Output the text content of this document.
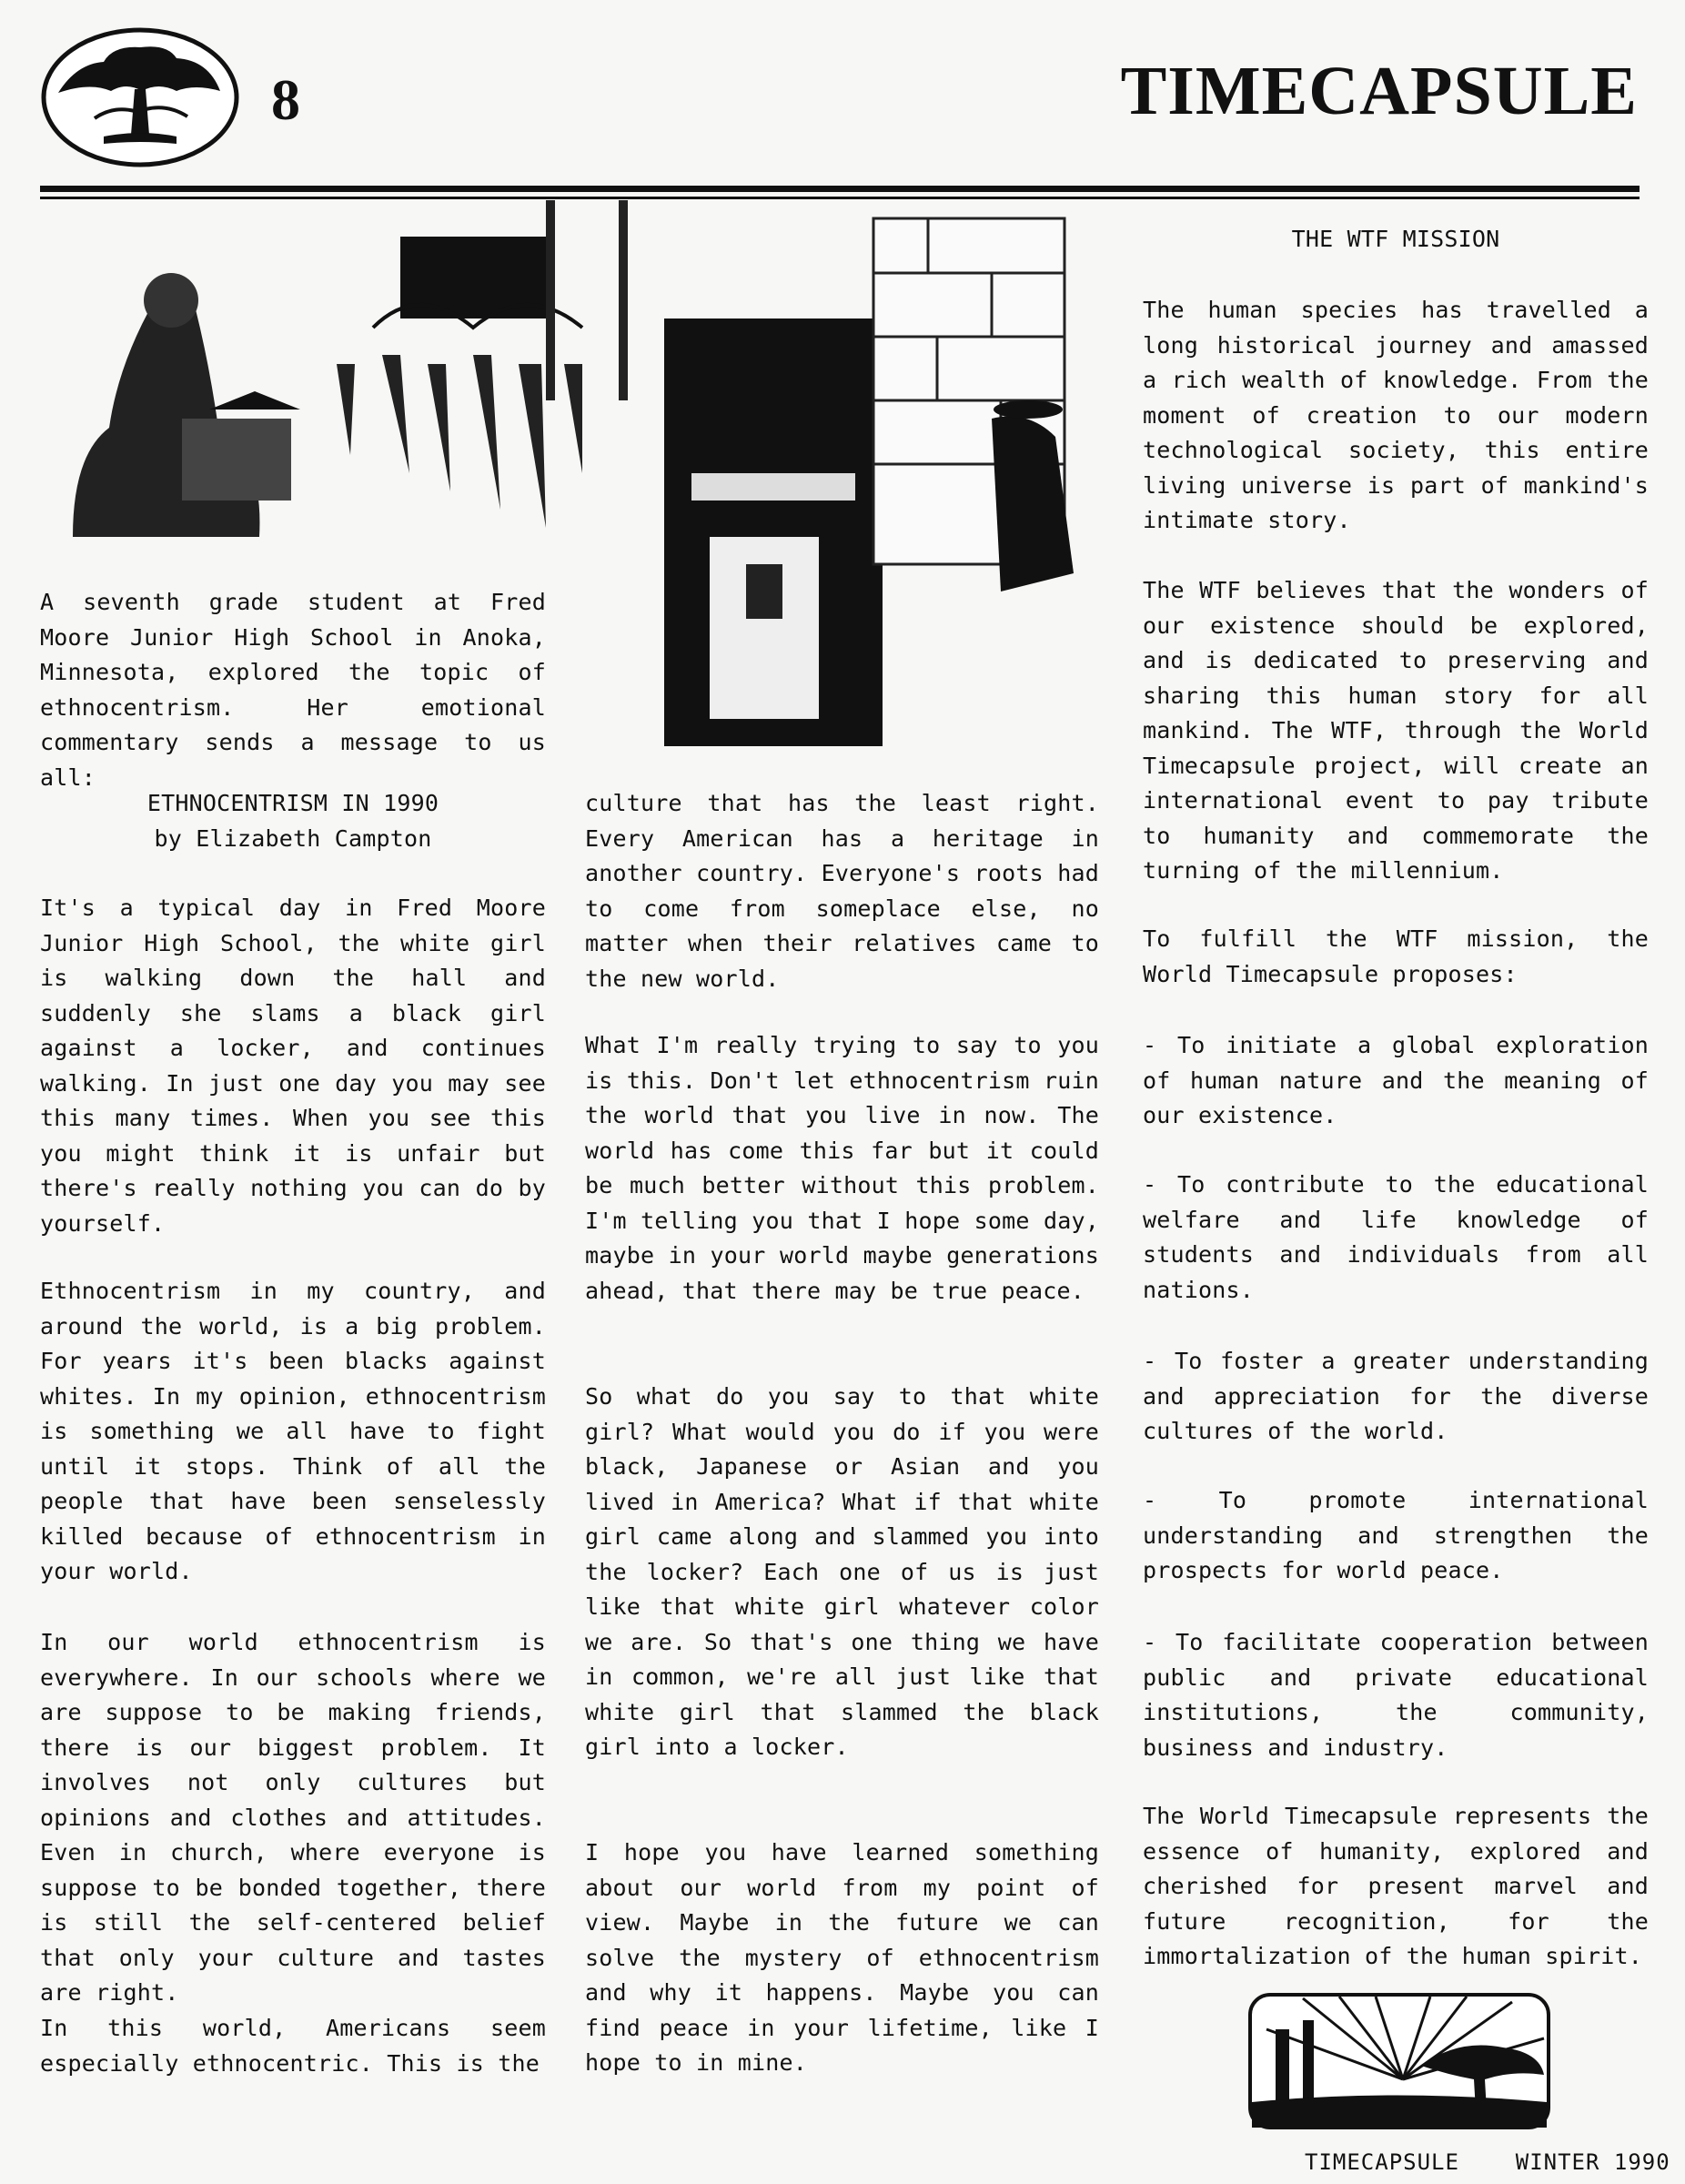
8	TIMECAPSULE

A seventh grade student at Fred Moore Junior High School in Anoka, Minnesota, explored the topic of ethnocentrism. Her emotional commentary sends a message to us all:

ETHNOCENTRISM IN 1990

by Elizabeth Campton

It's a typical day in Fred Moore Junior High School, the white girl is walking down the hall and suddenly she slams a black girl against a locker, and continues walking. In just one day you may see this many times. When you see this you might think it is unfair but there's really nothing you can do by yourself.

Ethnocentrism in my country, and around the world, is a big problem. For years it's been blacks against whites. In my opinion, ethnocentrism is something we all have to fight until it stops. Think of all the people that have been senselessly killed because of ethnocentrism in your world.

In our world ethnocentrism is everywhere. In our schools where we are suppose to be making friends, there is our biggest problem. It involves not only cultures but opinions and clothes and attitudes. Even in church, where everyone is suppose to be bonded together, there is still the self-centered belief that only your culture and tastes are right.

In this world, Americans seem especially ethnocentric. This is the

culture that has the least right. Every American has a heritage in another country. Everyone's roots had to come from someplace else, no matter when their relatives came to the new world.

What I'm really trying to say to you is this. Don't let ethnocentrism ruin the world that you live in now. The world has come this far but it could be much better without this problem. I'm telling you that I hope some day, maybe in your world maybe generations ahead, that there may be true peace.

So what do you say to that white girl? What would you do if you were black, Japanese or Asian and you lived in America? What if that white girl came along and slammed you into the locker? Each one of us is just like that white girl whatever color we are. So that's one thing we have in common, we're all just like that white girl that slammed the black girl into a locker.

I hope you have learned something about our world from my point of view. Maybe in the future we can solve the mystery of ethnocentrism and why it happens. Maybe you can find peace in your lifetime, like I hope to in mine.

THE WTF MISSION

The human species has travelled a long historical journey and amassed a rich wealth of knowledge. From the moment of creation to our modern technological society, this entire living universe is part of mankind's intimate story.

The WTF believes that the wonders of our existence should be explored, and is dedicated to preserving and sharing this human story for all mankind. The WTF, through the World Timecapsule project, will create an international event to pay tribute to humanity and commemorate the turning of the millennium.

To fulfill the WTF mission, the World Timecapsule proposes:

- To initiate a global exploration of human nature and the meaning of our existence.

- To contribute to the educational welfare and life knowledge of students and individuals from all nations.

- To foster a greater understanding and appreciation for the diverse cultures of the world.

- To promote international understanding and strengthen the prospects for world peace.

- To facilitate cooperation between public and private educational institutions, the community, business and industry.

The World Timecapsule represents the essence of humanity, explored and cherished for present marvel and future recognition, for the immortalization of the human spirit.

TIMECAPSULE    WINTER 1990
